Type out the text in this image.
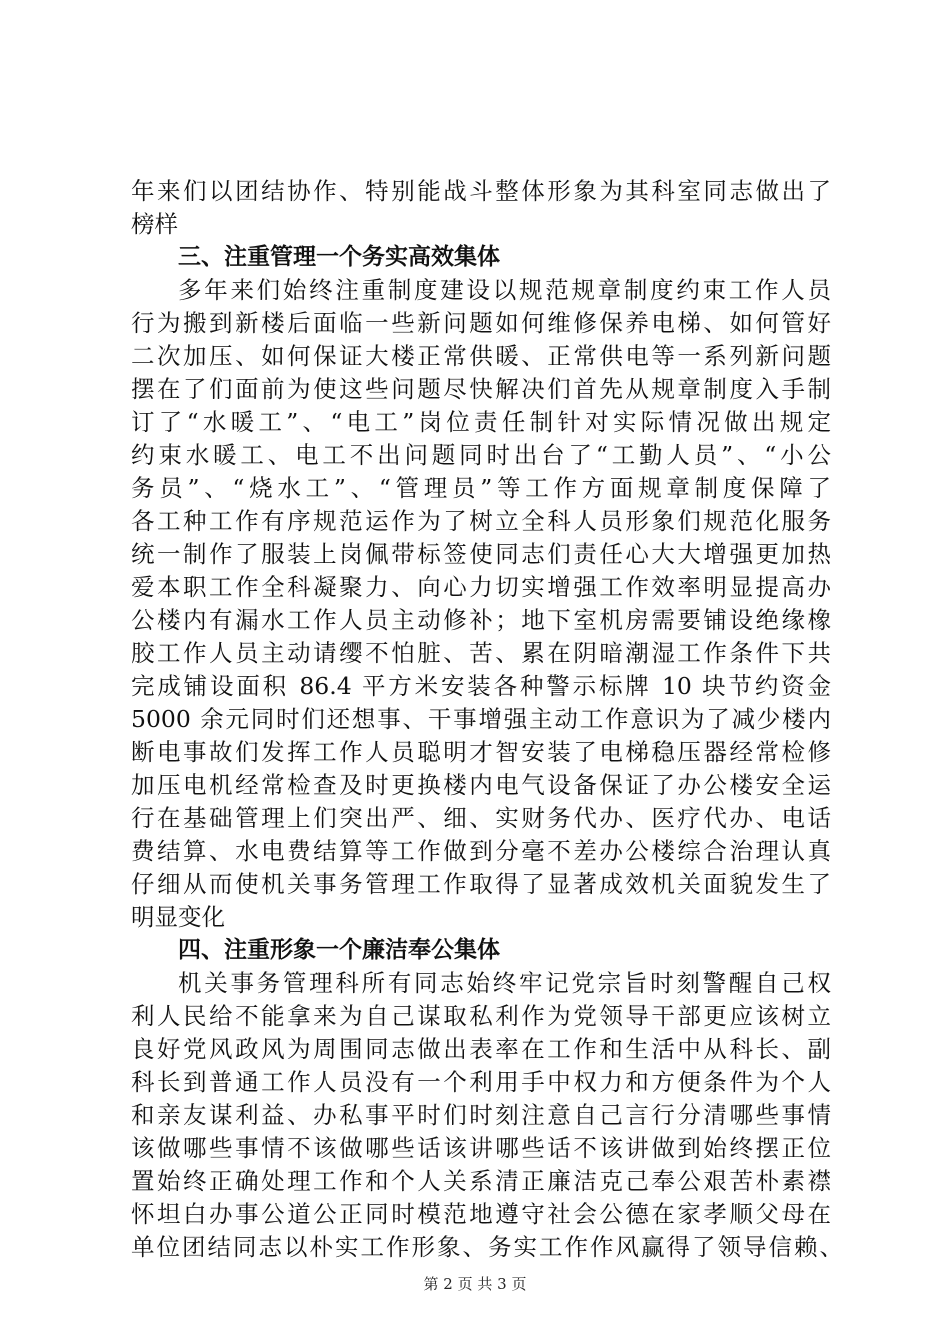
年来们以团结协作、特别能战斗整体形象为其科室同志做出了
榜样
三、注重管理一个务实高效集体
多年来们始终注重制度建设以规范规章制度约束工作人员
行为搬到新楼后面临一些新问题如何维修保养电梯、如何管好
二次加压、如何保证大楼正常供暖、正常供电等一系列新问题
摆在了们面前为使这些问题尽快解决们首先从规章制度入手制
订了“水暖工”、“电工”岗位责任制针对实际情况做出规定
约束水暖工、电工不出问题同时出台了“工勤人员”、“小公
务员”、“烧水工”、“管理员”等工作方面规章制度保障了
各工种工作有序规范运作为了树立全科人员形象们规范化服务
统一制作了服装上岗佩带标签使同志们责任心大大增强更加热
爱本职工作全科凝聚力、向心力切实增强工作效率明显提高办
公楼内有漏水工作人员主动修补；地下室机房需要铺设绝缘橡
胶工作人员主动请缨不怕脏、苦、累在阴暗潮湿工作条件下共
完成铺设面积 86.4 平方米安装各种警示标牌 10 块节约资金
5000 余元同时们还想事、干事增强主动工作意识为了减少楼内
断电事故们发挥工作人员聪明才智安装了电梯稳压器经常检修
加压电机经常检查及时更换楼内电气设备保证了办公楼安全运
行在基础管理上们突出严、细、实财务代办、医疗代办、电话
费结算、水电费结算等工作做到分毫不差办公楼综合治理认真
仔细从而使机关事务管理工作取得了显著成效机关面貌发生了
明显变化
四、注重形象一个廉洁奉公集体
机关事务管理科所有同志始终牢记党宗旨时刻警醒自己权
利人民给不能拿来为自己谋取私利作为党领导干部更应该树立
良好党风政风为周围同志做出表率在工作和生活中从科长、副
科长到普通工作人员没有一个利用手中权力和方便条件为个人
和亲友谋利益、办私事平时们时刻注意自己言行分清哪些事情
该做哪些事情不该做哪些话该讲哪些话不该讲做到始终摆正位
置始终正确处理工作和个人关系清正廉洁克己奉公艰苦朴素襟
怀坦白办事公道公正同时模范地遵守社会公德在家孝顺父母在
单位团结同志以朴实工作形象、务实工作作风赢得了领导信赖、
第 2 页 共 3 页
